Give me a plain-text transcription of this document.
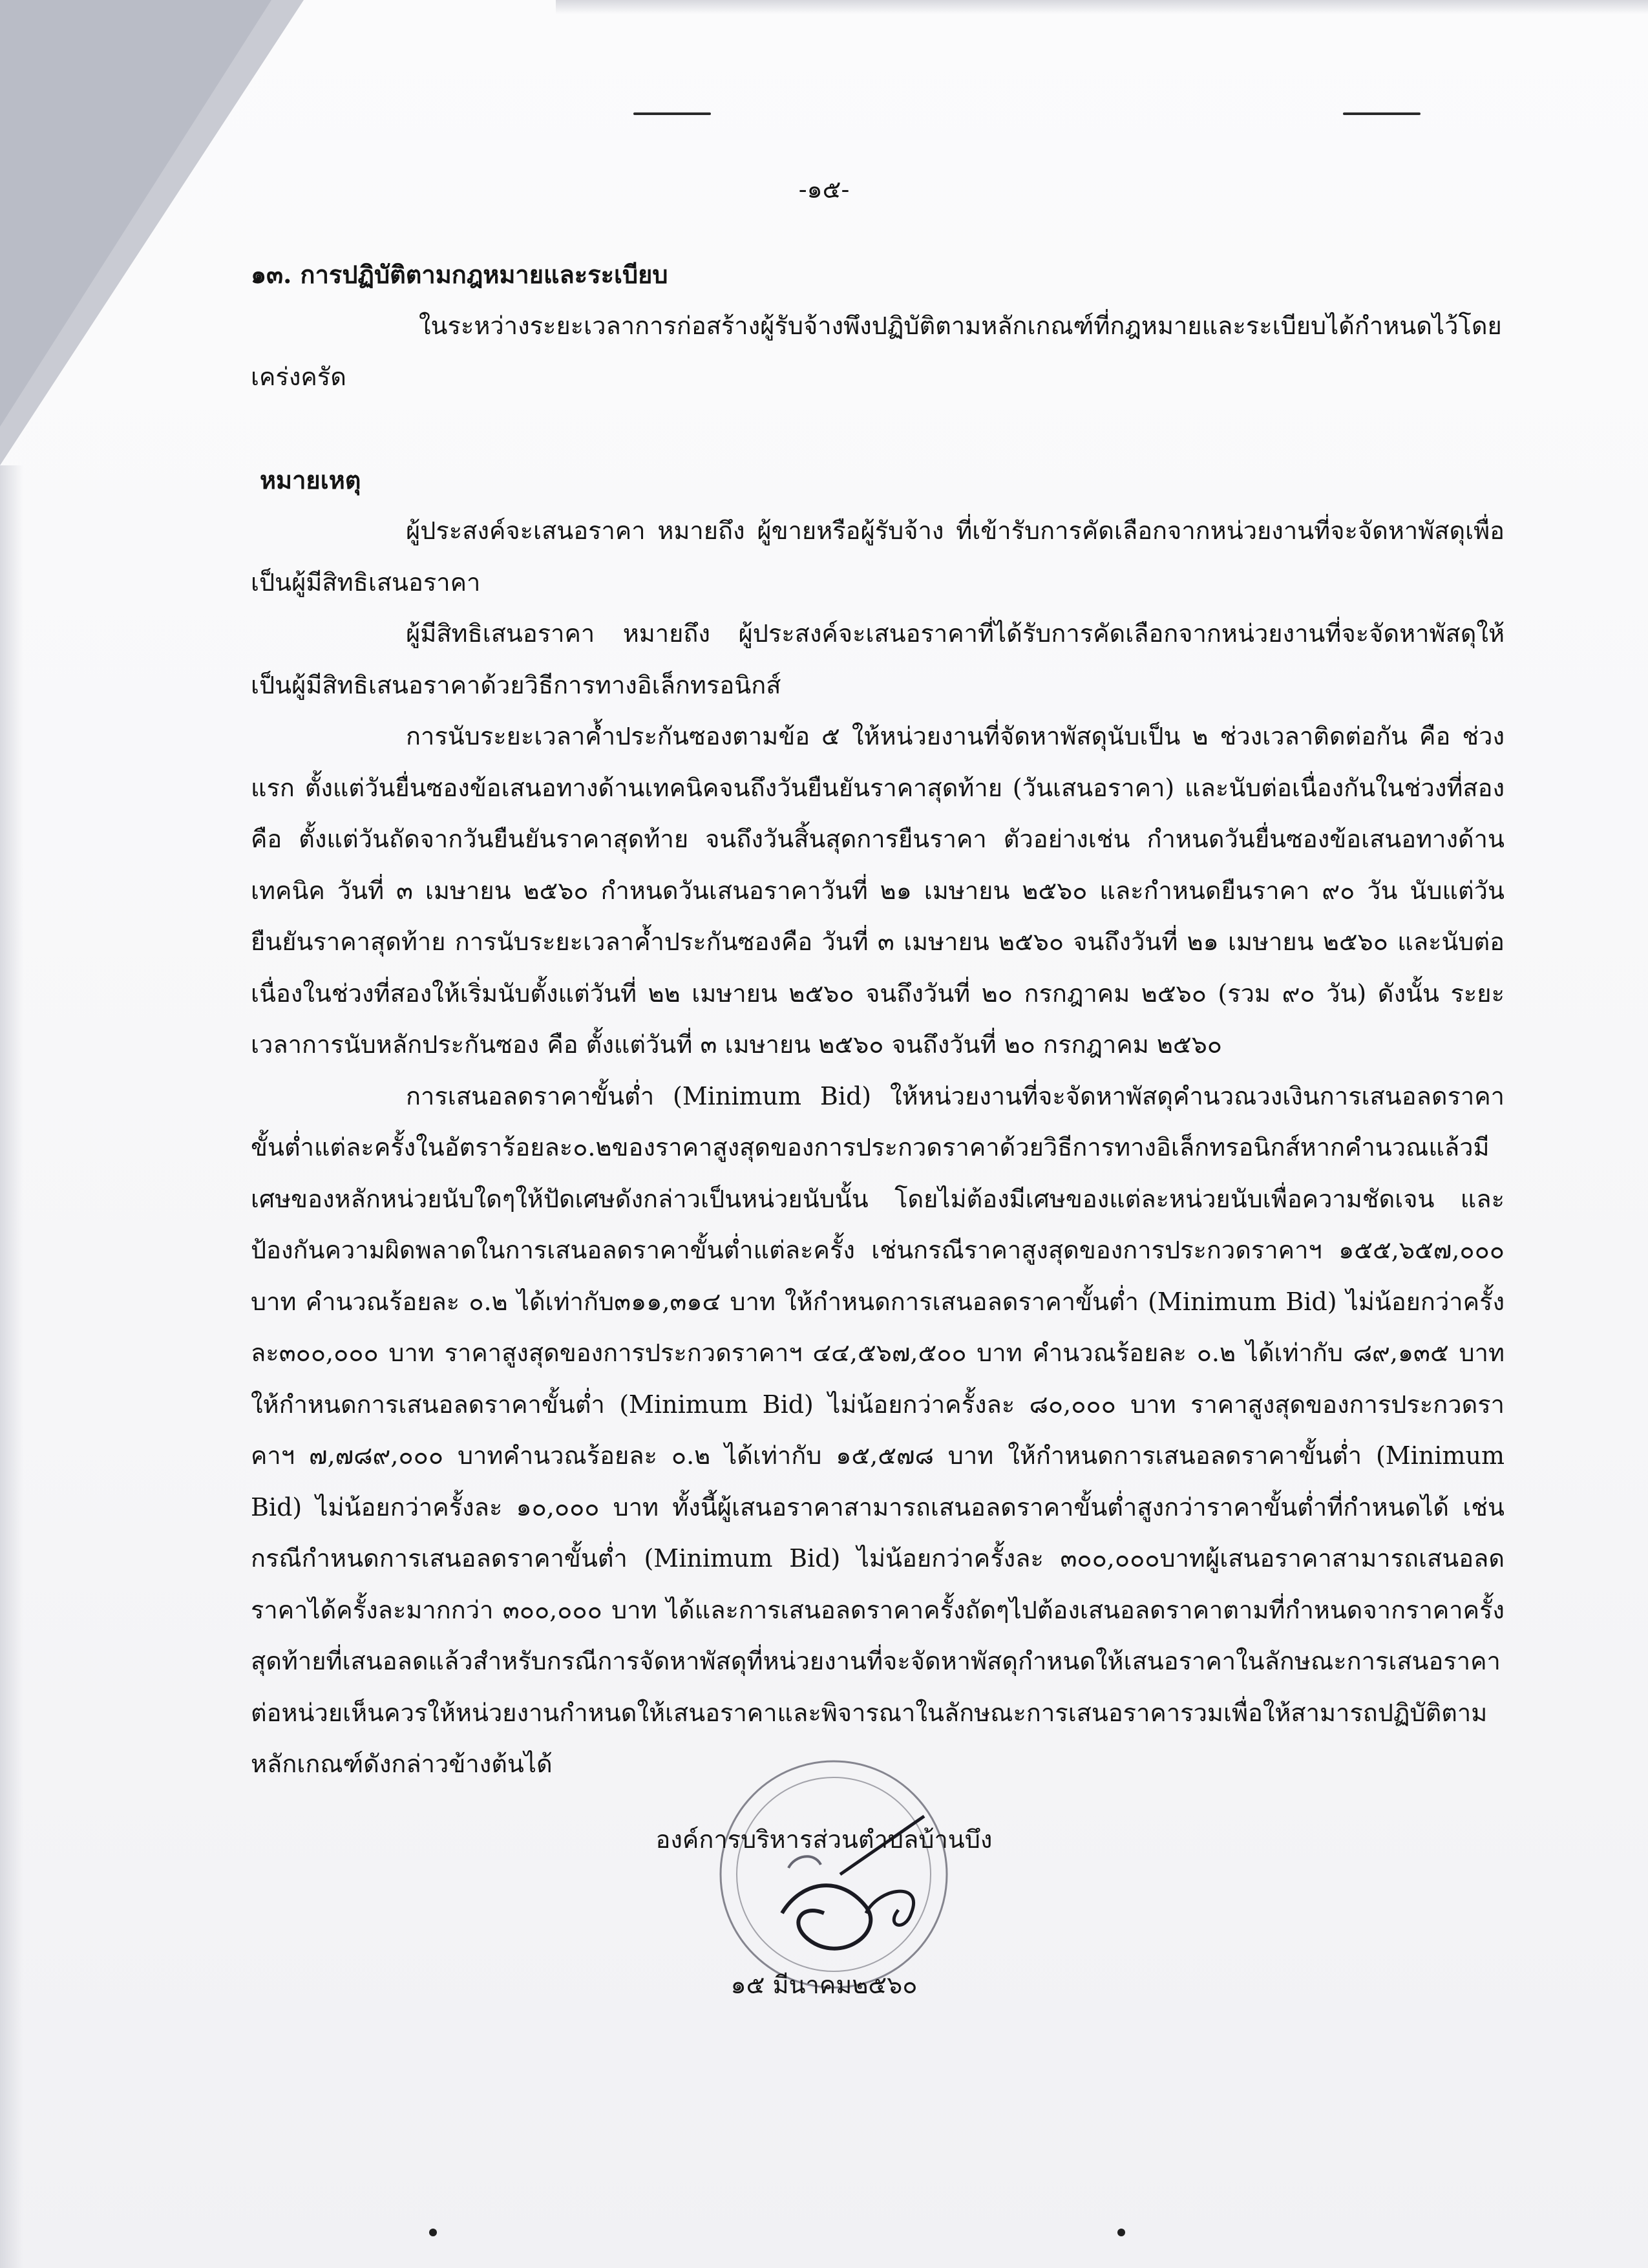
-๑๕-

๑๓. การปฏิบัติตามกฎหมายและระเบียบ

ในระหว่างระยะเวลาการก่อสร้างผู้รับจ้างพึงปฏิบัติตามหลักเกณฑ์ที่กฎหมายและระเบียบได้กำหนดไว้โดยเคร่งครัด

หมายเหตุ

ผู้ประสงค์จะเสนอราคา หมายถึง ผู้ขายหรือผู้รับจ้าง ที่เข้ารับการคัดเลือกจากหน่วยงานที่จะจัดหาพัสดุเพื่อเป็นผู้มีสิทธิเสนอราคา

ผู้มีสิทธิเสนอราคา หมายถึง ผู้ประสงค์จะเสนอราคาที่ได้รับการคัดเลือกจากหน่วยงานที่จะจัดหาพัสดุให้เป็นผู้มีสิทธิเสนอราคาด้วยวิธีการทางอิเล็กทรอนิกส์

การนับระยะเวลาค้ำประกันซองตามข้อ ๕ ให้หน่วยงานที่จัดหาพัสดุนับเป็น ๒ ช่วงเวลาติดต่อกัน คือ ช่วงแรก ตั้งแต่วันยื่นซองข้อเสนอทางด้านเทคนิคจนถึงวันยืนยันราคาสุดท้าย (วันเสนอราคา) และนับต่อเนื่องกันในช่วงที่สอง คือ ตั้งแต่วันถัดจากวันยืนยันราคาสุดท้าย จนถึงวันสิ้นสุดการยืนราคา ตัวอย่างเช่น กำหนดวันยื่นซองข้อเสนอทางด้านเทคนิค วันที่ ๓ เมษายน ๒๕๖๐ กำหนดวันเสนอราคาวันที่ ๒๑ เมษายน ๒๕๖๐ และกำหนดยืนราคา ๙๐ วัน นับแต่วันยืนยันราคาสุดท้าย การนับระยะเวลาค้ำประกันซองคือ วันที่ ๓ เมษายน ๒๕๖๐ จนถึงวันที่ ๒๑ เมษายน ๒๕๖๐ และนับต่อเนื่องในช่วงที่สองให้เริ่มนับตั้งแต่วันที่ ๒๒ เมษายน ๒๕๖๐ จนถึงวันที่ ๒๐ กรกฎาคม ๒๕๖๐ (รวม ๙๐ วัน) ดังนั้น ระยะเวลาการนับหลักประกันซอง คือ ตั้งแต่วันที่ ๓ เมษายน ๒๕๖๐ จนถึงวันที่ ๒๐ กรกฎาคม ๒๕๖๐

การเสนอลดราคาขั้นต่ำ (Minimum Bid) ให้หน่วยงานที่จะจัดหาพัสดุคำนวณวงเงินการเสนอลดราคาขั้นต่ำแต่ละครั้งในอัตราร้อยละ๐.๒ของราคาสูงสุดของการประกวดราคาด้วยวิธีการทางอิเล็กทรอนิกส์หากคำนวณแล้วมีเศษของหลักหน่วยนับใดๆให้ปัดเศษดังกล่าวเป็นหน่วยนับนั้น โดยไม่ต้องมีเศษของแต่ละหน่วยนับเพื่อความชัดเจน และป้องกันความผิดพลาดในการเสนอลดราคาขั้นต่ำแต่ละครั้ง เช่นกรณีราคาสูงสุดของการประกวดราคาฯ ๑๕๕,๖๕๗,๐๐๐ บาท คำนวณร้อยละ ๐.๒ ได้เท่ากับ๓๑๑,๓๑๔ บาท ให้กำหนดการเสนอลดราคาขั้นต่ำ (Minimum Bid) ไม่น้อยกว่าครั้งละ๓๐๐,๐๐๐ บาท ราคาสูงสุดของการประกวดราคาฯ ๔๔,๕๖๗,๕๐๐ บาท คำนวณร้อยละ ๐.๒ ได้เท่ากับ ๘๙,๑๓๕ บาท ให้กำหนดการเสนอลดราคาขั้นต่ำ (Minimum Bid) ไม่น้อยกว่าครั้งละ ๘๐,๐๐๐ บาท ราคาสูงสุดของการประกวดราคาฯ ๗,๗๘๙,๐๐๐ บาทคำนวณร้อยละ ๐.๒ ได้เท่ากับ ๑๕,๕๗๘ บาท ให้กำหนดการเสนอลดราคาขั้นต่ำ (Minimum Bid) ไม่น้อยกว่าครั้งละ ๑๐,๐๐๐ บาท ทั้งนี้ผู้เสนอราคาสามารถเสนอลดราคาขั้นต่ำสูงกว่าราคาขั้นต่ำที่กำหนดได้ เช่นกรณีกำหนดการเสนอลดราคาขั้นต่ำ (Minimum Bid) ไม่น้อยกว่าครั้งละ ๓๐๐,๐๐๐บาทผู้เสนอราคาสามารถเสนอลดราคาได้ครั้งละมากกว่า ๓๐๐,๐๐๐ บาท ได้และการเสนอลดราคาครั้งถัดๆไปต้องเสนอลดราคาตามที่กำหนดจากราคาครั้งสุดท้ายที่เสนอลดแล้วสำหรับกรณีการจัดหาพัสดุที่หน่วยงานที่จะจัดหาพัสดุกำหนดให้เสนอราคาในลักษณะการเสนอราคาต่อหน่วยเห็นควรให้หน่วยงานกำหนดให้เสนอราคาและพิจารณาในลักษณะการเสนอราคารวมเพื่อให้สามารถปฏิบัติตามหลักเกณฑ์ดังกล่าวข้างต้นได้

องค์การบริหารส่วนตำบลบ้านบึง
๑๕ มีนาคม๒๕๖๐
